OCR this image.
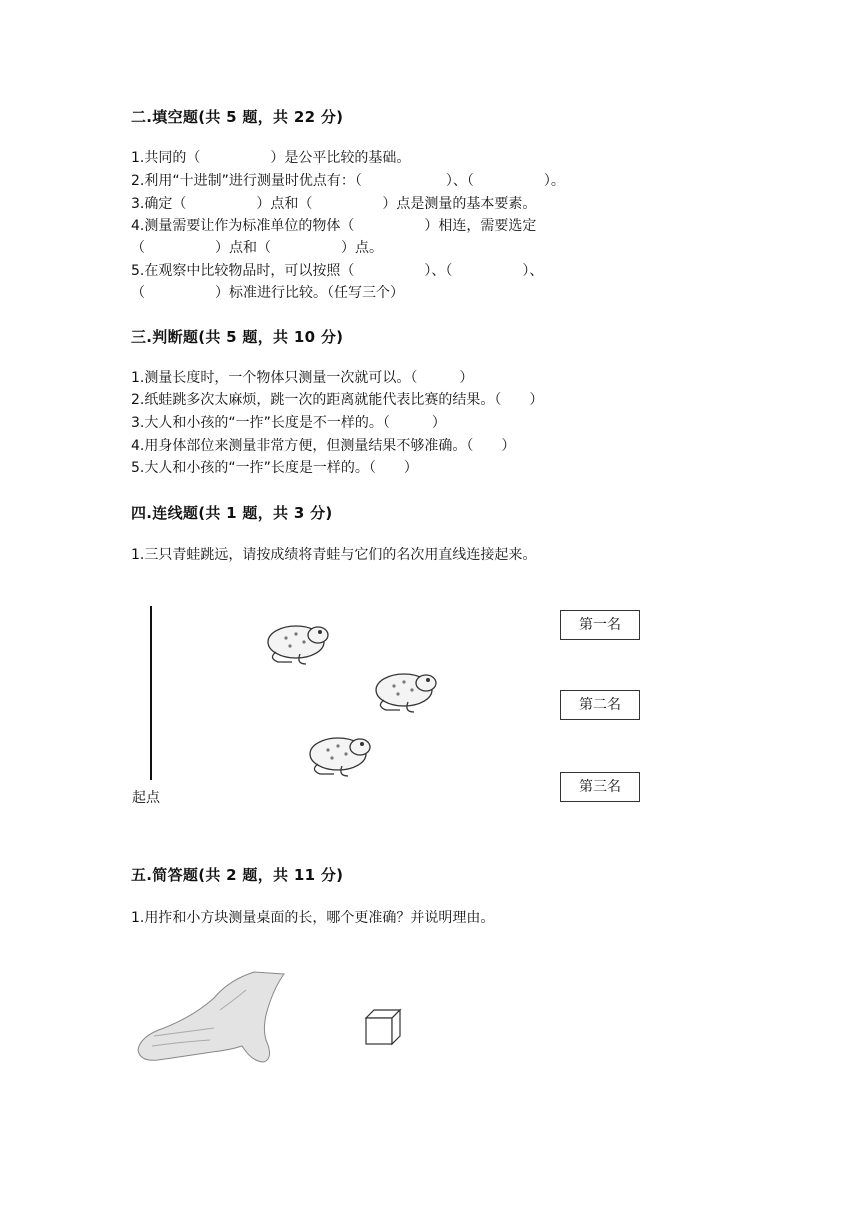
二.填空题(共 5 题，共 22 分)
1.共同的（　　　　　）是公平比较的基础。
2.利用“十进制”进行测量时优点有：（　　　　　　）、（　　　　　）。
3.确定（　　　　　）点和（　　　　　）点是测量的基本要素。
4.测量需要让作为标准单位的物体（　　　　　）相连，需要选定
（　　　　　）点和（　　　　　）点。
5.在观察中比较物品时，可以按照（　　　　　）、（　　　　　）、
（　　　　　）标准进行比较。（任写三个）
三.判断题(共 5 题，共 10 分)
1.测量长度时，一个物体只测量一次就可以。（　　　）
2.纸蛙跳多次太麻烦，跳一次的距离就能代表比赛的结果。（　　）
3.大人和小孩的“一拃”长度是不一样的。（　　　）
4.用身体部位来测量非常方便，但测量结果不够准确。（　　）
5.大人和小孩的“一拃”长度是一样的。（　　）
四.连线题(共 1 题，共 3 分)
1.三只青蛙跳远，请按成绩将青蛙与它们的名次用直线连接起来。
起点
第一名
第二名
第三名
五.简答题(共 2 题，共 11 分)
1.用拃和小方块测量桌面的长，哪个更准确？并说明理由。
